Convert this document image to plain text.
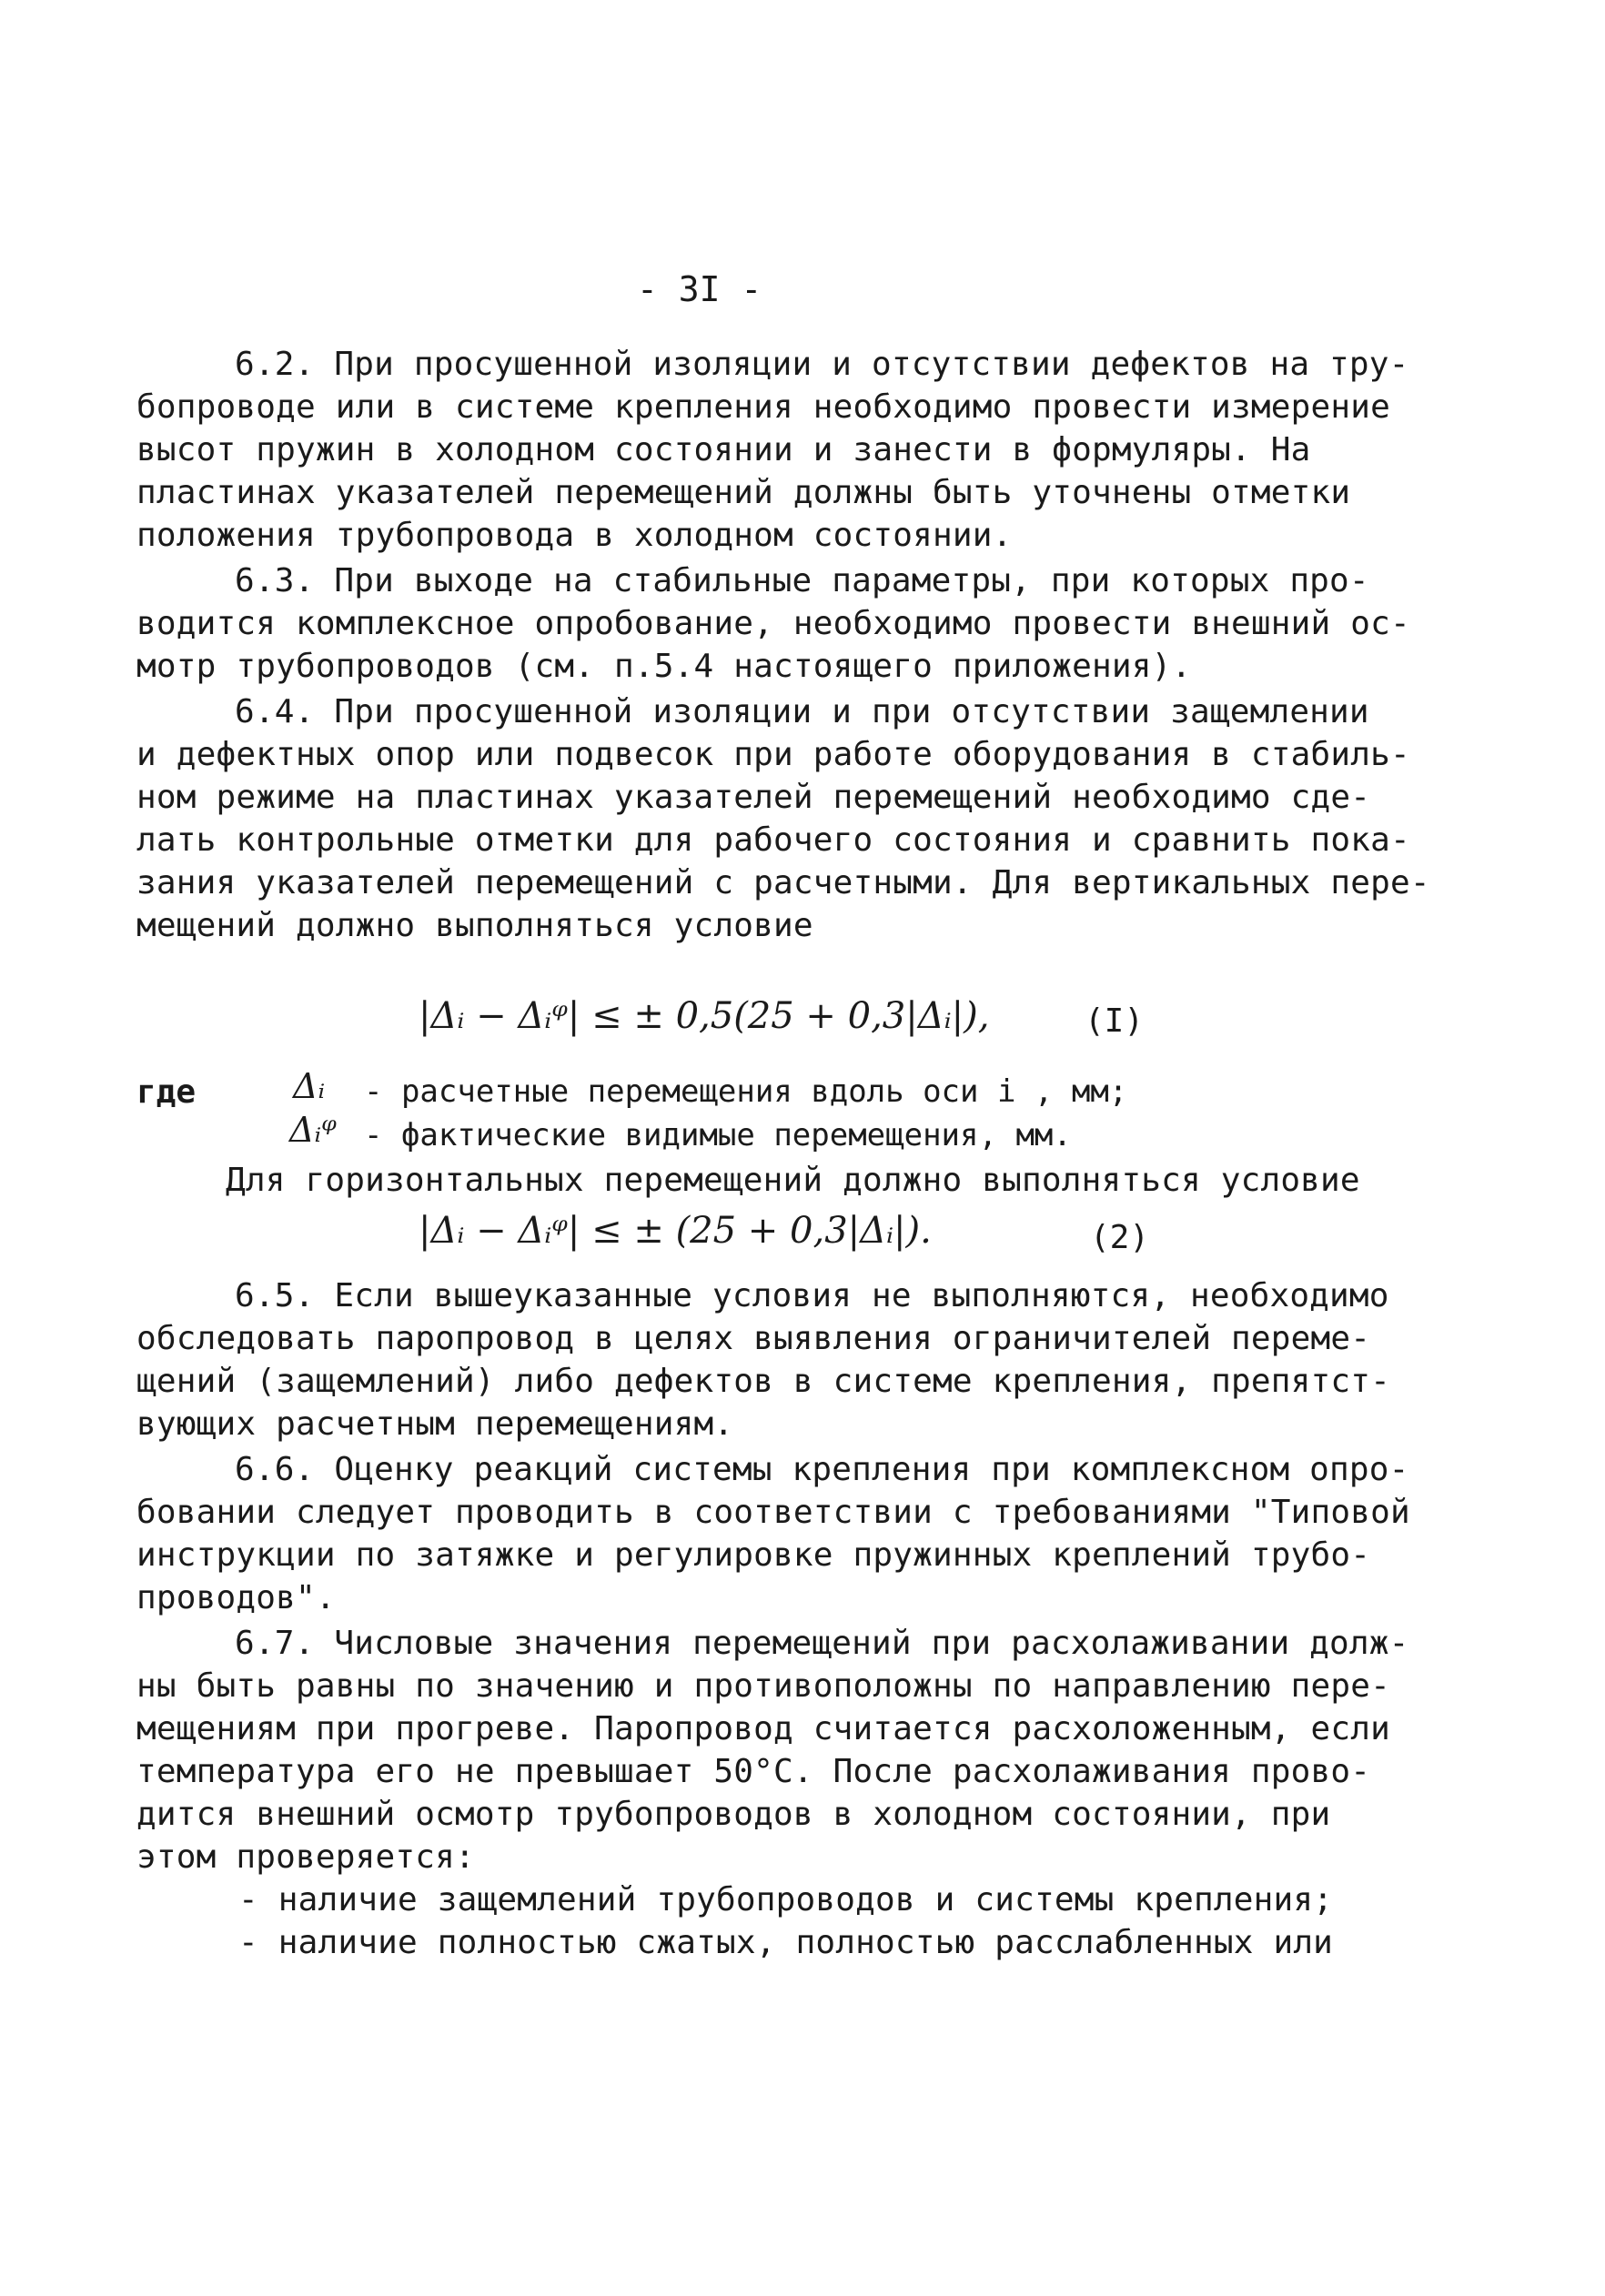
- 3I -
6.2. При просушенной изоляции и отсутствии дефектов на тру-
бопроводе или в системе крепления необходимо провести измерение
высот пружин в холодном состоянии и занести в формуляры. На
пластинах указателей перемещений должны быть уточнены отметки
положения трубопровода в холодном состоянии.
6.3. При выходе на стабильные параметры, при которых про-
водится комплексное опробование, необходимо провести внешний ос-
мотр трубопроводов (см. п.5.4 настоящего приложения).
6.4. При просушенной изоляции и при отсутствии защемлении
и дефектных опор или подвесок при работе оборудования в стабиль-
ном режиме на пластинах указателей перемещений необходимо сде-
лать контрольные отметки для рабочего состояния и сравнить пока-
зания указателей перемещений с расчетными. Для вертикальных пере-
мещений должно выполняться условие
|Δᵢ − Δᵢᵠ| ≤ ± 0,5(25 + 0,3|Δᵢ|),	(I)
где	Δᵢ - расчетные перемещения вдоль оси i , мм;
Δᵢᵠ - фактические видимые перемещения, мм.
Для горизонтальных перемещений должно выполняться условие
|Δᵢ − Δᵢᵠ| ≤ ± (25 + 0,3|Δᵢ|).	(2)
6.5. Если вышеуказанные условия не выполняются, необходимо
обследовать паропровод в целях выявления ограничителей переме-
щений (защемлений) либо дефектов в системе крепления, препятст-
вующих расчетным перемещениям.
6.6. Оценку реакций системы крепления при комплексном опро-
бовании следует проводить в соответствии с требованиями "Типовой
инструкции по затяжке и регулировке пружинных креплений трубо-
проводов".
6.7. Числовые значения перемещений при расхолаживании долж-
ны быть равны по значению и противоположны по направлению пере-
мещениям при прогреве. Паропровод считается расхоложенным, если
температура его не превышает 50°С. После расхолаживания прово-
дится внешний осмотр трубопроводов в холодном состоянии, при
этом проверяется:
- наличие защемлений трубопроводов и системы крепления;
- наличие полностью сжатых, полностью расслабленных или
